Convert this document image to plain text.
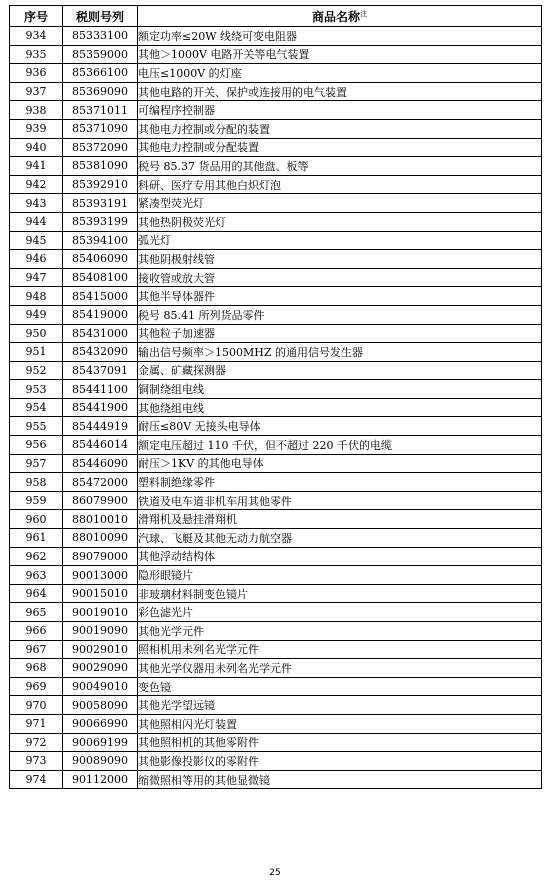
序号	税则号列	商品名称$^注$
934	85333100	额定功率≤20W 线绕可变电阻器
935	85359000	其他＞1000V 电路开关等电气装置
936	85366100	电压≤1000V 的灯座
937	85369090	其他电路的开关、保护或连接用的电气装置
938	85371011	可编程序控制器
939	85371090	其他电力控制或分配的装置
940	85372090	其他电力控制或分配装置
941	85381090	税号 85.37 货品用的其他盘、板等
942	85392910	科研、医疗专用其他白炽灯泡
943	85393191	紧凑型荧光灯
944	85393199	其他热阴极荧光灯
945	85394100	弧光灯
946	85406090	其他阴极射线管
947	85408100	接收管或放大管
948	85415000	其他半导体器件
949	85419000	税号 85.41 所列货品零件
950	85431000	其他粒子加速器
951	85432090	输出信号频率＞1500MHZ 的通用信号发生器
952	85437091	金属、矿藏探测器
953	85441100	铜制绕组电线
954	85441900	其他绕组电线
955	85444919	耐压≤80V 无接头电导体
956	85446014	额定电压超过 110 千伏，但不超过 220 千伏的电缆
957	85446090	耐压＞1KV 的其他电导体
958	85472000	塑料制绝缘零件
959	86079900	铁道及电车道非机车用其他零件
960	88010010	滑翔机及悬挂滑翔机
961	88010090	汽球、飞艇及其他无动力航空器
962	89079000	其他浮动结构体
963	90013000	隐形眼镜片
964	90015010	非玻璃材料制变色镜片
965	90019010	彩色滤光片
966	90019090	其他光学元件
967	90029010	照相机用未列名光学元件
968	90029090	其他光学仪器用未列名光学元件
969	90049010	变色镜
970	90058090	其他光学望远镜
971	90066990	其他照相闪光灯装置
972	90069199	其他照相机的其他零附件
973	90089090	其他影像投影仪的零附件
974	90112000	缩微照相等用的其他显微镜
25
